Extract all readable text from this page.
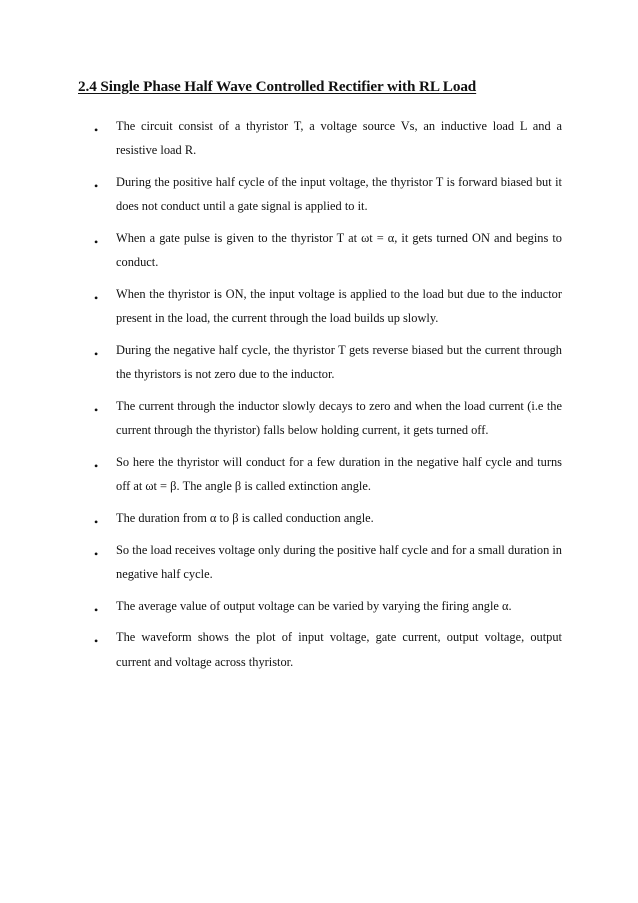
2.4 Single Phase Half Wave Controlled Rectifier with RL Load
• The circuit consist of a thyristor T, a voltage source Vs, an inductive load L and a resistive load R.
• During the positive half cycle of the input voltage, the thyristor T is forward biased but it does not conduct until a gate signal is applied to it.
• When a gate pulse is given to the thyristor T at ωt = α, it gets turned ON and begins to conduct.
• When the thyristor is ON, the input voltage is applied to the load but due to the inductor present in the load, the current through the load builds up slowly.
• During the negative half cycle, the thyristor T gets reverse biased but the current through the thyristors is not zero due to the inductor.
• The current through the inductor slowly decays to zero and when the load current (i.e the current through the thyristor) falls below holding current, it gets turned off.
• So here the thyristor will conduct for a few duration in the negative half cycle and turns off at ωt = β. The angle β is called extinction angle.
• The duration from α to β is called conduction angle.
• So the load receives voltage only during the positive half cycle and for a small duration in negative half cycle.
• The average value of output voltage can be varied by varying the firing angle α.
• The waveform shows the plot of input voltage, gate current, output voltage, output current and voltage across thyristor.
